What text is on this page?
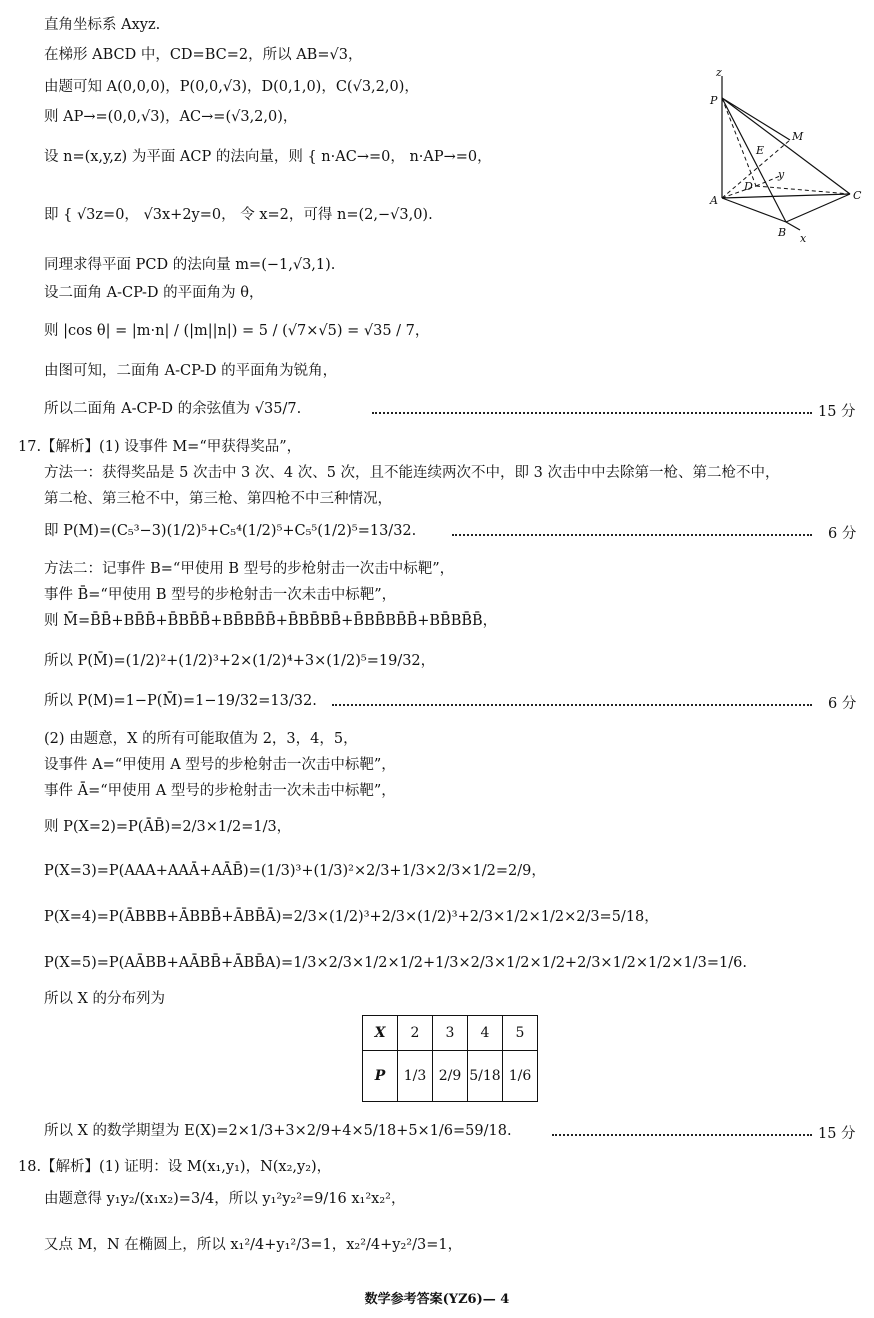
直角坐标系 Axyz.
在梯形 ABCD 中，CD=BC=2，所以 AB=√3，
由题可知 A(0,0,0)，P(0,0,√3)，D(0,1,0)，C(√3,2,0)，
则 AP→=(0,0,√3)，AC→=(√3,2,0)，
设 n=(x,y,z) 为平面 ACP 的法向量，则 { n·AC→=0， n·AP→=0，
即 { √3z=0， √3x+2y=0， 令 x=2，可得 n=(2,−√3,0).
同理求得平面 PCD 的法向量 m=(−1,√3,1).
设二面角 A-CP-D 的平面角为 θ，
则 |cos θ| = |m·n| / (|m||n|) = 5 / (√7×√5) = √35 / 7，
由图可知，二面角 A-CP-D 的平面角为锐角，
所以二面角 A-CP-D 的余弦值为 √35/7.	15 分
17.【解析】(1) 设事件 M=“甲获得奖品”，
方法一：获得奖品是 5 次击中 3 次、4 次、5 次，且不能连续两次不中，即 3 次击中中去除第一枪、第二枪不中，
第二枪、第三枪不中，第三枪、第四枪不中三种情况，
即 P(M)=(C₅³−3)(1/2)⁵+C₅⁴(1/2)⁵+C₅⁵(1/2)⁵=13/32.	6 分
方法二：记事件 B=“甲使用 B 型号的步枪射击一次击中标靶”，
事件 B̄=“甲使用 B 型号的步枪射击一次未击中标靶”，
则 M̄=B̄B̄+BB̄B̄+B̄BB̄B̄+BB̄BB̄B̄+B̄BB̄BB̄+B̄BB̄BB̄B̄+BB̄BB̄B̄，
所以 P(M̄)=(1/2)²+(1/2)³+2×(1/2)⁴+3×(1/2)⁵=19/32，
所以 P(M)=1−P(M̄)=1−19/32=13/32.	6 分
(2) 由题意，X 的所有可能取值为 2，3，4，5，
设事件 A=“甲使用 A 型号的步枪射击一次击中标靶”，
事件 Ā=“甲使用 A 型号的步枪射击一次未击中标靶”，
则 P(X=2)=P(ĀB̄)=2/3×1/2=1/3，
P(X=3)=P(AAA+AAĀ+AĀB̄)=(1/3)³+(1/3)²×2/3+1/3×2/3×1/2=2/9，
P(X=4)=P(ĀBBB+ĀBBB̄+ĀBB̄Ā)=2/3×(1/2)³+2/3×(1/2)³+2/3×1/2×1/2×2/3=5/18，
P(X=5)=P(AĀBB+AĀBB̄+ĀBB̄A)=1/3×2/3×1/2×1/2+1/3×2/3×1/2×1/2+2/3×1/2×1/2×1/3=1/6.
所以 X 的分布列为
X	2	3	4	5
P	1/3	2/9	5/18	1/6
所以 X 的数学期望为 E(X)=2×1/3+3×2/9+4×5/18+5×1/6=59/18.	15 分
18.【解析】(1) 证明：设 M(x₁,y₁)，N(x₂,y₂)，
由题意得 y₁y₂/(x₁x₂)=3/4，所以 y₁²y₂²=9/16 x₁²x₂²，
又点 M，N 在椭圆上，所以 x₁²/4+y₁²/3=1，x₂²/4+y₂²/3=1，
z
P
M
E
D
y
A	C
B x
数学参考答案(YZ6)— 4
